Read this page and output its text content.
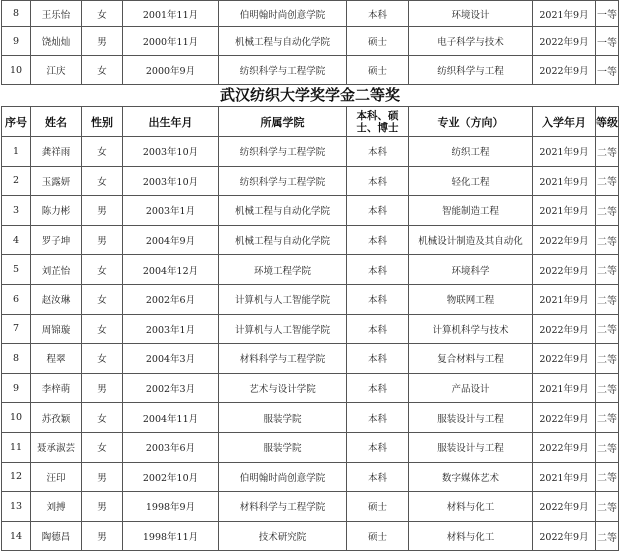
8	王乐怡	女	2001年11月	伯明翰时尚创意学院	本科	环境设计	2021年9月	一等
9	饶灿灿	男	2000年11月	机械工程与自动化学院	硕士	电子科学与技术	2022年9月	一等
10	江庆	女	2000年9月	纺织科学与工程学院	硕士	纺织科学与工程	2022年9月	一等
武汉纺织大学奖学金二等奖
序号	姓名	性别	出生年月	所属学院	本科、硕士、博士	专业（方向）	入学年月	等级
1	龚祥雨	女	2003年10月	纺织科学与工程学院	本科	纺织工程	2021年9月	二等
2	玉露妍	女	2003年10月	纺织科学与工程学院	本科	轻化工程	2021年9月	二等
3	陈力彬	男	2003年1月	机械工程与自动化学院	本科	智能制造工程	2021年9月	二等
4	罗子坤	男	2004年9月	机械工程与自动化学院	本科	机械设计制造及其自动化	2022年9月	二等
5	刘芷怡	女	2004年12月	环境工程学院	本科	环境科学	2022年9月	二等
6	赵汝琳	女	2002年6月	计算机与人工智能学院	本科	物联网工程	2021年9月	二等
7	周锦璇	女	2003年1月	计算机与人工智能学院	本科	计算机科学与技术	2022年9月	二等
8	程翠	女	2004年3月	材料科学与工程学院	本科	复合材料与工程	2022年9月	二等
9	李梓萌	男	2002年3月	艺术与设计学院	本科	产品设计	2021年9月	二等
10	苏孜颖	女	2004年11月	服装学院	本科	服装设计与工程	2022年9月	二等
11	聂承淑芸	女	2003年6月	服装学院	本科	服装设计与工程	2022年9月	二等
12	汪印	男	2002年10月	伯明翰时尚创意学院	本科	数字媒体艺术	2021年9月	二等
13	刘搏	男	1998年9月	材料科学与工程学院	硕士	材料与化工	2022年9月	二等
14	陶德昌	男	1998年11月	技术研究院	硕士	材料与化工	2022年9月	二等
